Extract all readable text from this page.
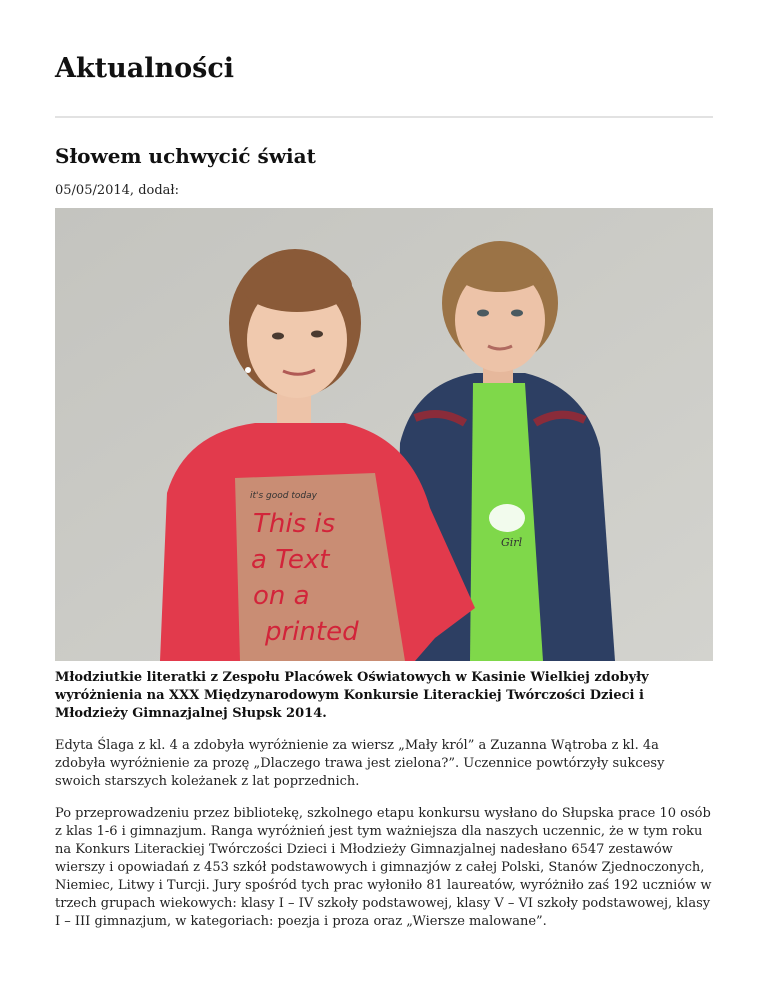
Aktualności
Słowem uchwycić świat
05/05/2014, dodał:
Girl
This is
a Text
on a
printed
it's good today

Młodziutkie literatki z Zespołu Placówek Oświatowych w Kasinie Wielkiej zdobyły wyróżnienia na XXX Międzynarodowym Konkursie Literackiej Twórczości Dzieci i Młodzieży Gimnazjalnej Słupsk 2014.

Edyta Ślaga z kl. 4 a zdobyła wyróżnienie za wiersz „Mały król” a Zuzanna Wątroba z kl. 4a zdobyła wyróżnienie za prozę „Dlaczego trawa jest zielona?”. Uczennice powtórzyły sukcesy swoich starszych koleżanek z lat poprzednich.

Po przeprowadzeniu przez bibliotekę, szkolnego etapu konkursu wysłano do Słupska prace 10 osób z klas 1-6 i gimnazjum. Ranga wyróżnień jest tym ważniejsza dla naszych uczennic, że w tym roku na Konkurs Literackiej Twórczości Dzieci i Młodzieży Gimnazjalnej nadesłano 6547 zestawów wierszy i opowiadań z 453 szkół podstawowych i gimnazjów z całej Polski, Stanów Zjednoczonych, Niemiec, Litwy i Turcji. Jury spośród tych prac wyłoniło 81 laureatów, wyróżniło zaś 192 uczniów w trzech grupach wiekowych: klasy I – IV szkoły podstawowej, klasy V – VI szkoły podstawowej, klasy I – III gimnazjum, w kategoriach: poezja i proza oraz „Wiersze malowane”.
